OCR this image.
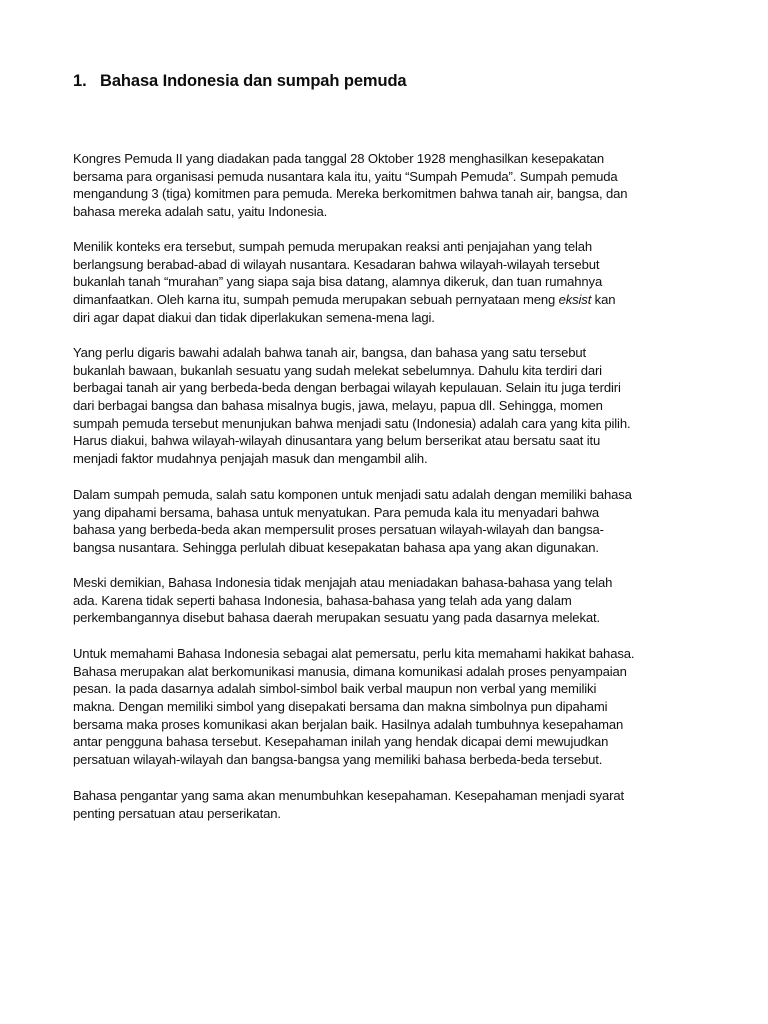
1. Bahasa Indonesia dan sumpah pemuda
Kongres Pemuda II yang diadakan pada tanggal 28 Oktober 1928 menghasilkan kesepakatan
bersama para organisasi pemuda nusantara kala itu, yaitu “Sumpah Pemuda”. Sumpah pemuda
mengandung 3 (tiga) komitmen para pemuda. Mereka berkomitmen bahwa tanah air, bangsa, dan
bahasa mereka adalah satu, yaitu Indonesia.
Menilik konteks era tersebut, sumpah pemuda merupakan reaksi anti penjajahan yang telah
berlangsung berabad-abad di wilayah nusantara. Kesadaran bahwa wilayah-wilayah tersebut
bukanlah tanah “murahan” yang siapa saja bisa datang, alamnya dikeruk, dan tuan rumahnya
dimanfaatkan. Oleh karna itu, sumpah pemuda merupakan sebuah pernyataan meng eksist kan
diri agar dapat diakui dan tidak diperlakukan semena-mena lagi.
Yang perlu digaris bawahi adalah bahwa tanah air, bangsa, dan bahasa yang satu tersebut
bukanlah bawaan, bukanlah sesuatu yang sudah melekat sebelumnya. Dahulu kita terdiri dari
berbagai tanah air yang berbeda-beda dengan berbagai wilayah kepulauan. Selain itu juga terdiri
dari berbagai bangsa dan bahasa misalnya bugis, jawa, melayu, papua dll. Sehingga, momen
sumpah pemuda tersebut menunjukan bahwa menjadi satu (Indonesia) adalah cara yang kita pilih.
Harus diakui, bahwa wilayah-wilayah dinusantara yang belum berserikat atau bersatu saat itu
menjadi faktor mudahnya penjajah masuk dan mengambil alih.
Dalam sumpah pemuda, salah satu komponen untuk menjadi satu adalah dengan memiliki bahasa
yang dipahami bersama, bahasa untuk menyatukan. Para pemuda kala itu menyadari bahwa
bahasa yang berbeda-beda akan mempersulit proses persatuan wilayah-wilayah dan bangsa-
bangsa nusantara. Sehingga perlulah dibuat kesepakatan bahasa apa yang akan digunakan.
Meski demikian, Bahasa Indonesia tidak menjajah atau meniadakan bahasa-bahasa yang telah
ada. Karena tidak seperti bahasa Indonesia, bahasa-bahasa yang telah ada yang dalam
perkembangannya disebut bahasa daerah merupakan sesuatu yang pada dasarnya melekat.
Untuk memahami Bahasa Indonesia sebagai alat pemersatu, perlu kita memahami hakikat bahasa.
Bahasa merupakan alat berkomunikasi manusia, dimana komunikasi adalah proses penyampaian
pesan. Ia pada dasarnya adalah simbol-simbol baik verbal maupun non verbal yang memiliki
makna. Dengan memiliki simbol yang disepakati bersama dan makna simbolnya pun dipahami
bersama maka proses komunikasi akan berjalan baik. Hasilnya adalah tumbuhnya kesepahaman
antar pengguna bahasa tersebut. Kesepahaman inilah yang hendak dicapai demi mewujudkan
persatuan wilayah-wilayah dan bangsa-bangsa yang memiliki bahasa berbeda-beda tersebut.
Bahasa pengantar yang sama akan menumbuhkan kesepahaman. Kesepahaman menjadi syarat
penting persatuan atau perserikatan.
